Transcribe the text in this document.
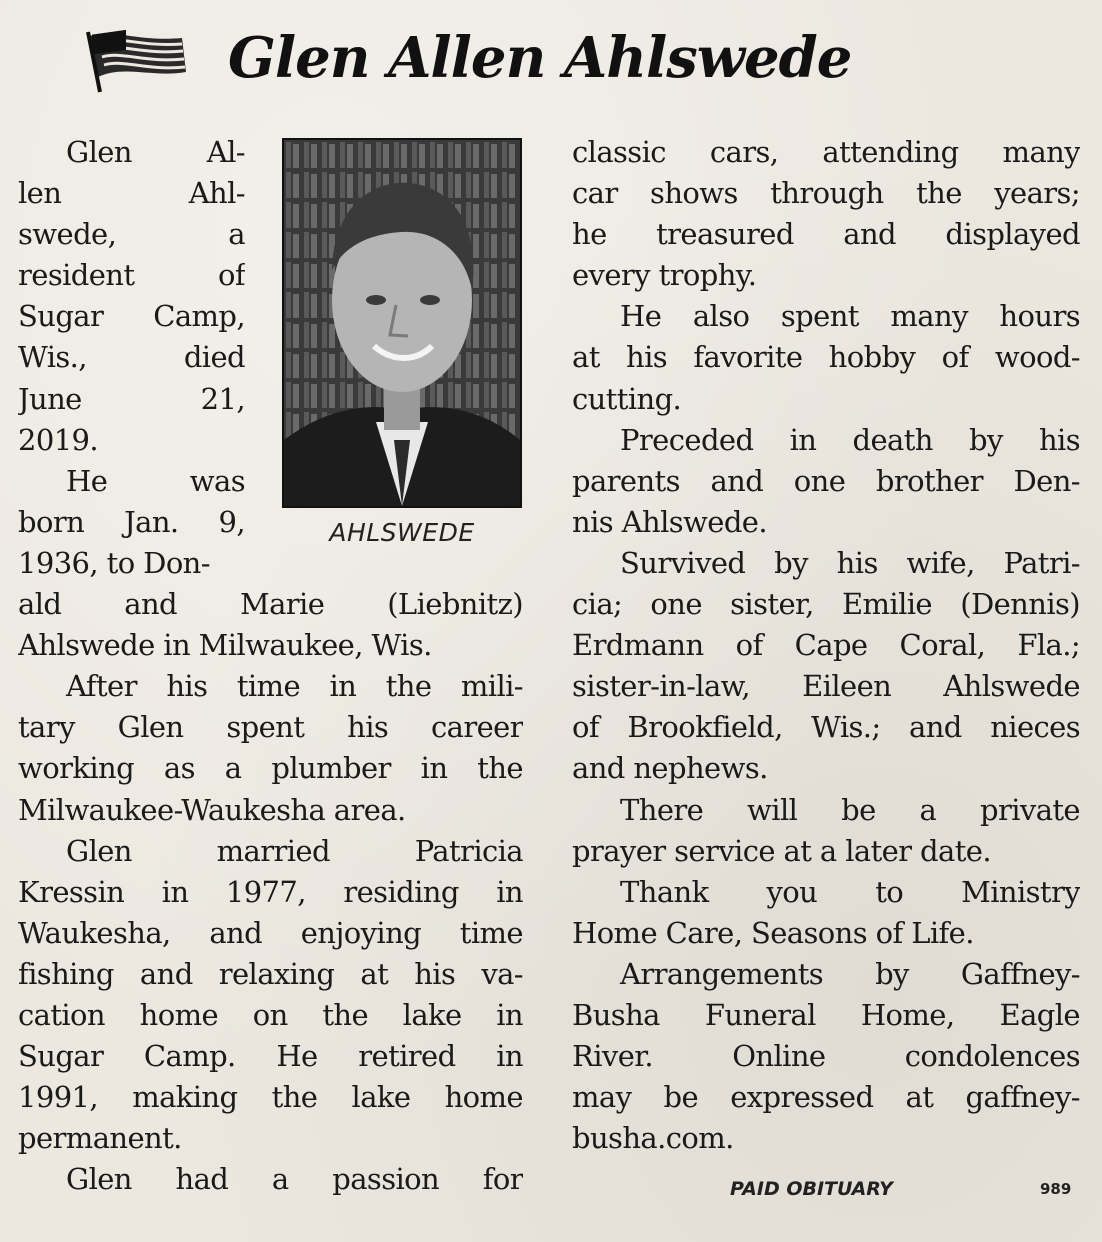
Glen Allen Ahlswede
Glen Al-
len Ahl-
swede, a
resident of
Sugar Camp,
Wis., died
June 21,
2019.
He was
born Jan. 9,
1936, to Don-
ald and Marie (Liebnitz)
Ahlswede in Milwaukee, Wis.
After his time in the mili-
tary Glen spent his career
working as a plumber in the
Milwaukee-Waukesha area.
Glen married Patricia
Kressin in 1977, residing in
Waukesha, and enjoying time
fishing and relaxing at his va-
cation home on the lake in
Sugar Camp. He retired in
1991, making the lake home
permanent.
Glen had a passion for
AHLSWEDE
classic cars, attending many
car shows through the years;
he treasured and displayed
every trophy.
He also spent many hours
at his favorite hobby of wood-
cutting.
Preceded in death by his
parents and one brother Den-
nis Ahlswede.
Survived by his wife, Patri-
cia; one sister, Emilie (Dennis)
Erdmann of Cape Coral, Fla.;
sister-in-law, Eileen Ahlswede
of Brookfield, Wis.; and nieces
and nephews.
There will be a private
prayer service at a later date.
Thank you to Ministry
Home Care, Seasons of Life.
Arrangements by Gaffney-
Busha Funeral Home, Eagle
River. Online condolences
may be expressed at gaffney-
busha.com.
PAID OBITUARY	989
